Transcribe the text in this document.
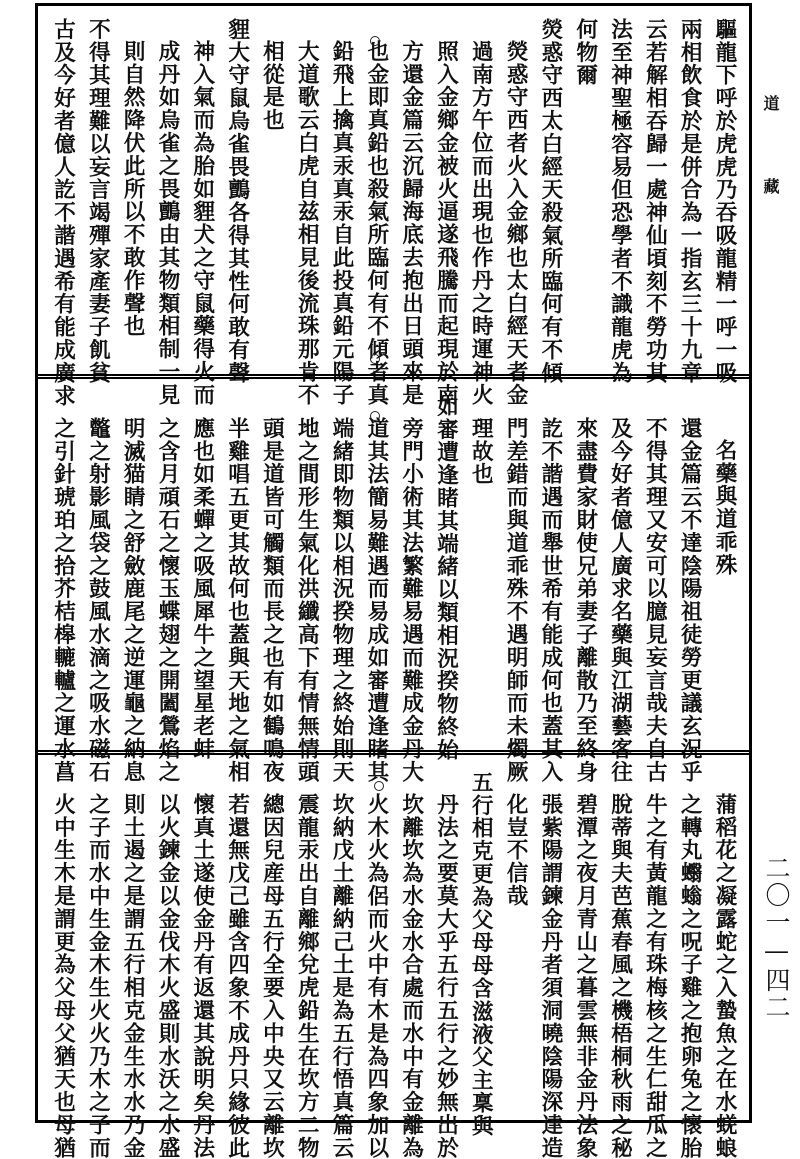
驅龍下呼於虎虎乃吞吸龍精一呼一吸
兩相飲食於是併合為一指玄三十九章
云若解相吞歸一處神仙頃刻不勞功其
法至神聖極容易但恐學者不識龍虎為
何物爾
熒惑守西太白經天殺氣所臨何有不傾
熒惑守西者火入金鄉也太白經天者金
過南方午位而出現也作丹之時運神火
照入金鄉金被火逼遂飛騰而起現於南
方還金篇云沉歸海底去抱出日頭來是
也金即真鉛也殺氣所臨何有不傾者真
鉛飛上擒真汞真汞自此投真鉛元陽子
大道歌云白虎自兹相見後流珠那肯不
相從是也
貍大守鼠烏雀畏鸇各得其性何敢有聲
神入氣而為胎如貍犬之守鼠藥得火而
成丹如烏雀之畏鸇由其物類相制一見
則自然降伏此所以不敢作聲也
不得其理難以妄言竭殫家產妻子飢貧
古及今好者億人訖不諧遇希有能成廣求
名藥與道乖殊
還金篇云不達陰陽祖徒勞更議玄況乎
不得其理又安可以臆見妄言哉夫自古
及今好者億人廣求名藥與江湖藝客往
來盡費家財使兄弟妻子離散乃至終身
訖不諧遇而舉世希有能成何也蓋其入
門差錯而與道乖殊不遇明師而未燭厥
理故也
如審遭逢睹其端緒以類相況揆物終始
旁門小術其法繁難易遇而難成金丹大
道其法簡易難遇而易成如審遭逢睹其
端緒即物類以相況揆物理之終始則天
地之間形生氣化洪纖高下有情無情頭
頭是道皆可觸類而長之也有如鶴鳴夜
半雞唱五更其故何也蓋與天地之氣相
應也如柔蟬之吸風犀牛之望星老蚌
之含月頑石之懷玉蝶翅之開闔鶯焰之
明滅猫睛之舒斂鹿尾之逆運龜之納息
鼈之射影風袋之鼓風水滴之吸水磁石
之引針琥珀之拾芥桔槔轆轤之運水菖
蒲稻花之凝露蛇之入蟄魚之在水蜣蜋
之轉丸蠮螉之呪子雞之抱卵兔之懷胎
牛之有黃龍之有珠梅核之生仁甜瓜之
脫蒂與夫芭蕉春風之機梧桐秋雨之秘
碧潭之夜月青山之暮雲無非金丹法象
張紫陽謂鍊金丹者須洞曉陰陽深達造
化豈不信哉
五行相克更為父母母含滋液父主稟與
丹法之要莫大乎五行五行之妙無出於
坎離坎為水金水合處而水中有金離為
火木火為侶而火中有木是為四象加以
坎納戊土離納己土是為五行悟真篇云
震龍汞出自離鄉兌虎鉛生在坎方二物
總因兒産母五行全要入中央又云離坎
若還無戊己雖含四象不成丹只緣彼此
懷真土遂使金丹有返還其說明矣丹法
以火鍊金以金伐木火盛則水沃之水盛
則土遏之是謂五行相克金生水水乃金
之子而水中生金木生火火乃木之子而
火中生木是謂更為父母父猶天也母猶
道
藏
二〇一—四二
